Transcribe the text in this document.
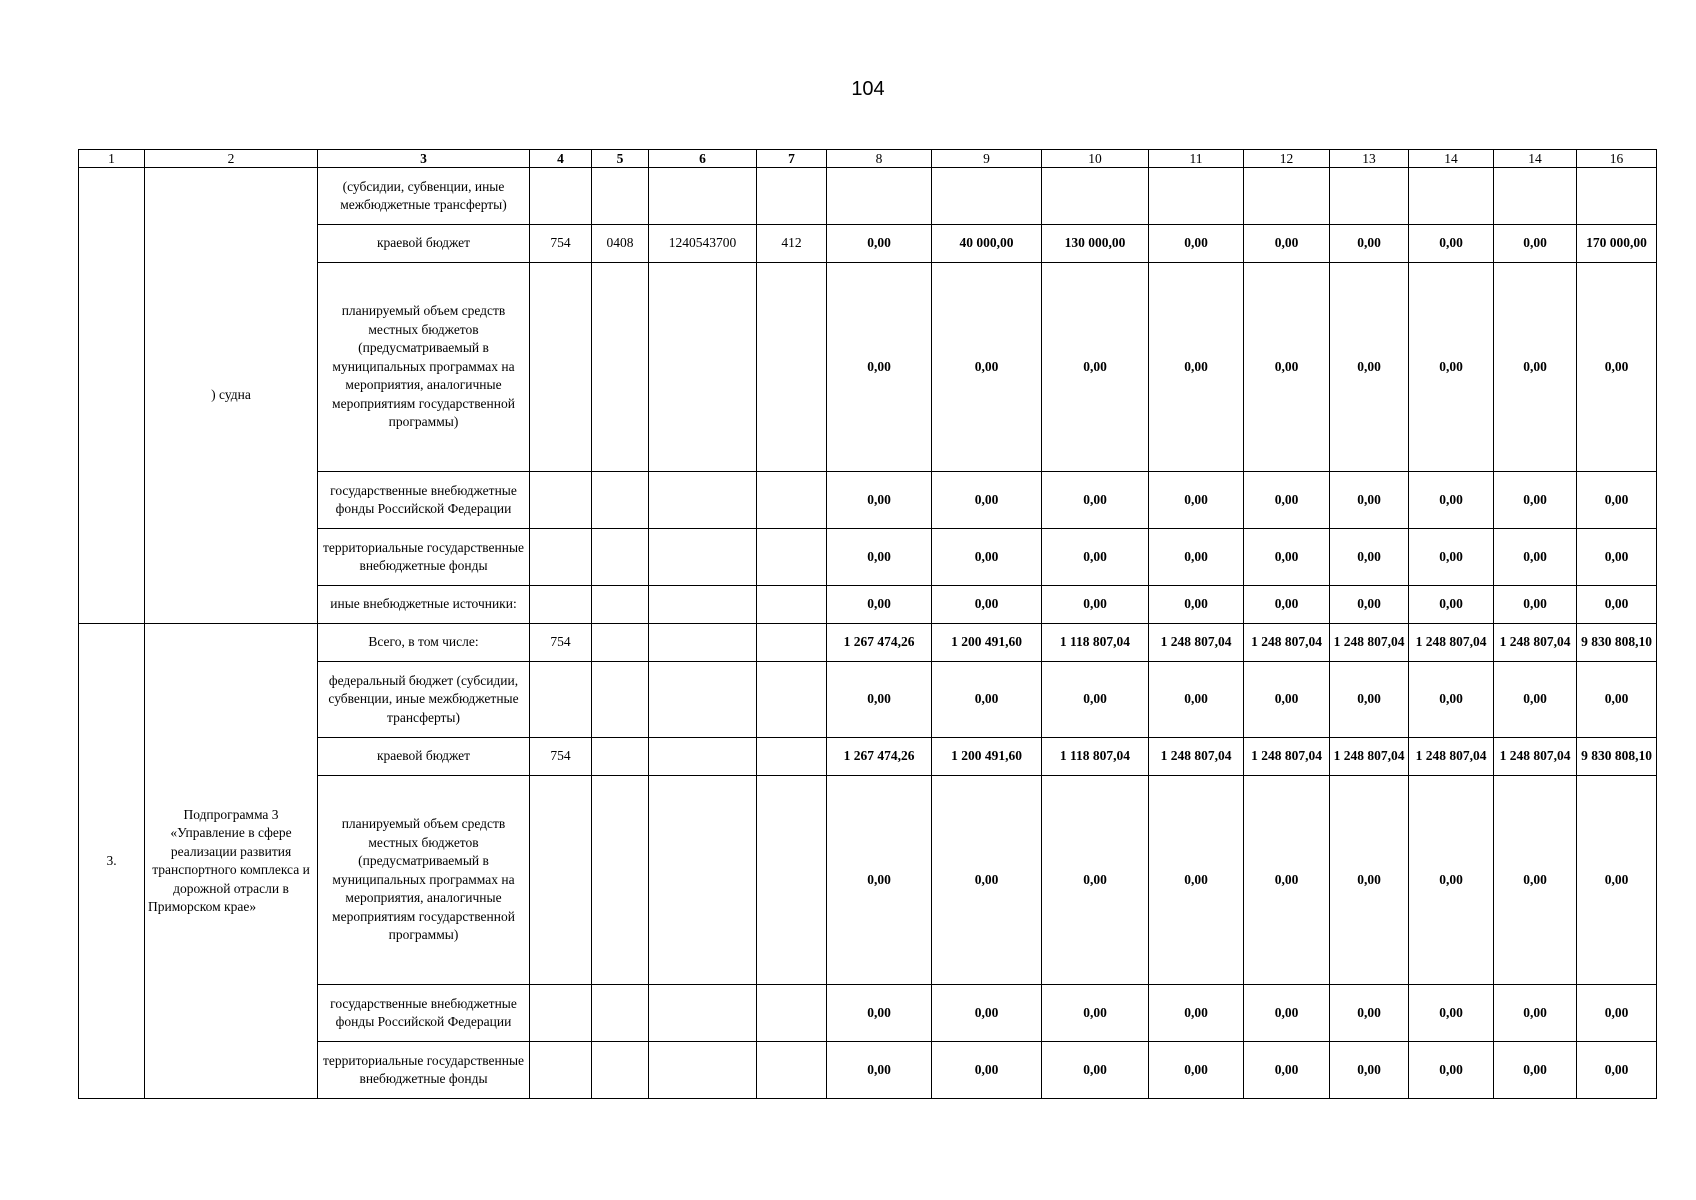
104
1	2	3	4	5	6	7	8	9	10	11	12	13	14	14	16
	) судна	(субсидии, субвенции, иные межбюджетные трансферты)													
		краевой бюджет	754	0408	1240543700	412	0,00	40 000,00	130 000,00	0,00	0,00	0,00	0,00	0,00	170 000,00
		планируемый объем средств местных бюджетов (предусматриваемый в муниципальных программах на мероприятия, аналогичные мероприятиям государственной программы)					0,00	0,00	0,00	0,00	0,00	0,00	0,00	0,00	0,00
		государственные внебюджетные фонды Российской Федерации					0,00	0,00	0,00	0,00	0,00	0,00	0,00	0,00	0,00
		территориальные государственные внебюджетные фонды					0,00	0,00	0,00	0,00	0,00	0,00	0,00	0,00	0,00
		иные внебюджетные источники:					0,00	0,00	0,00	0,00	0,00	0,00	0,00	0,00	0,00
3.	Подпрограмма 3 «Управление в сфере реализации развития транспортного комплекса и дорожной отрасли в Приморском крае»	Всего, в том числе:	754				1 267 474,26	1 200 491,60	1 118 807,04	1 248 807,04	1 248 807,04	1 248 807,04	1 248 807,04	1 248 807,04	9 830 808,10
		федеральный бюджет (субсидии, субвенции, иные межбюджетные трансферты)					0,00	0,00	0,00	0,00	0,00	0,00	0,00	0,00	0,00
		краевой бюджет	754				1 267 474,26	1 200 491,60	1 118 807,04	1 248 807,04	1 248 807,04	1 248 807,04	1 248 807,04	1 248 807,04	9 830 808,10
		планируемый объем средств местных бюджетов (предусматриваемый в муниципальных программах на мероприятия, аналогичные мероприятиям государственной программы)					0,00	0,00	0,00	0,00	0,00	0,00	0,00	0,00	0,00
		государственные внебюджетные фонды Российской Федерации					0,00	0,00	0,00	0,00	0,00	0,00	0,00	0,00	0,00
		территориальные государственные внебюджетные фонды					0,00	0,00	0,00	0,00	0,00	0,00	0,00	0,00	0,00
